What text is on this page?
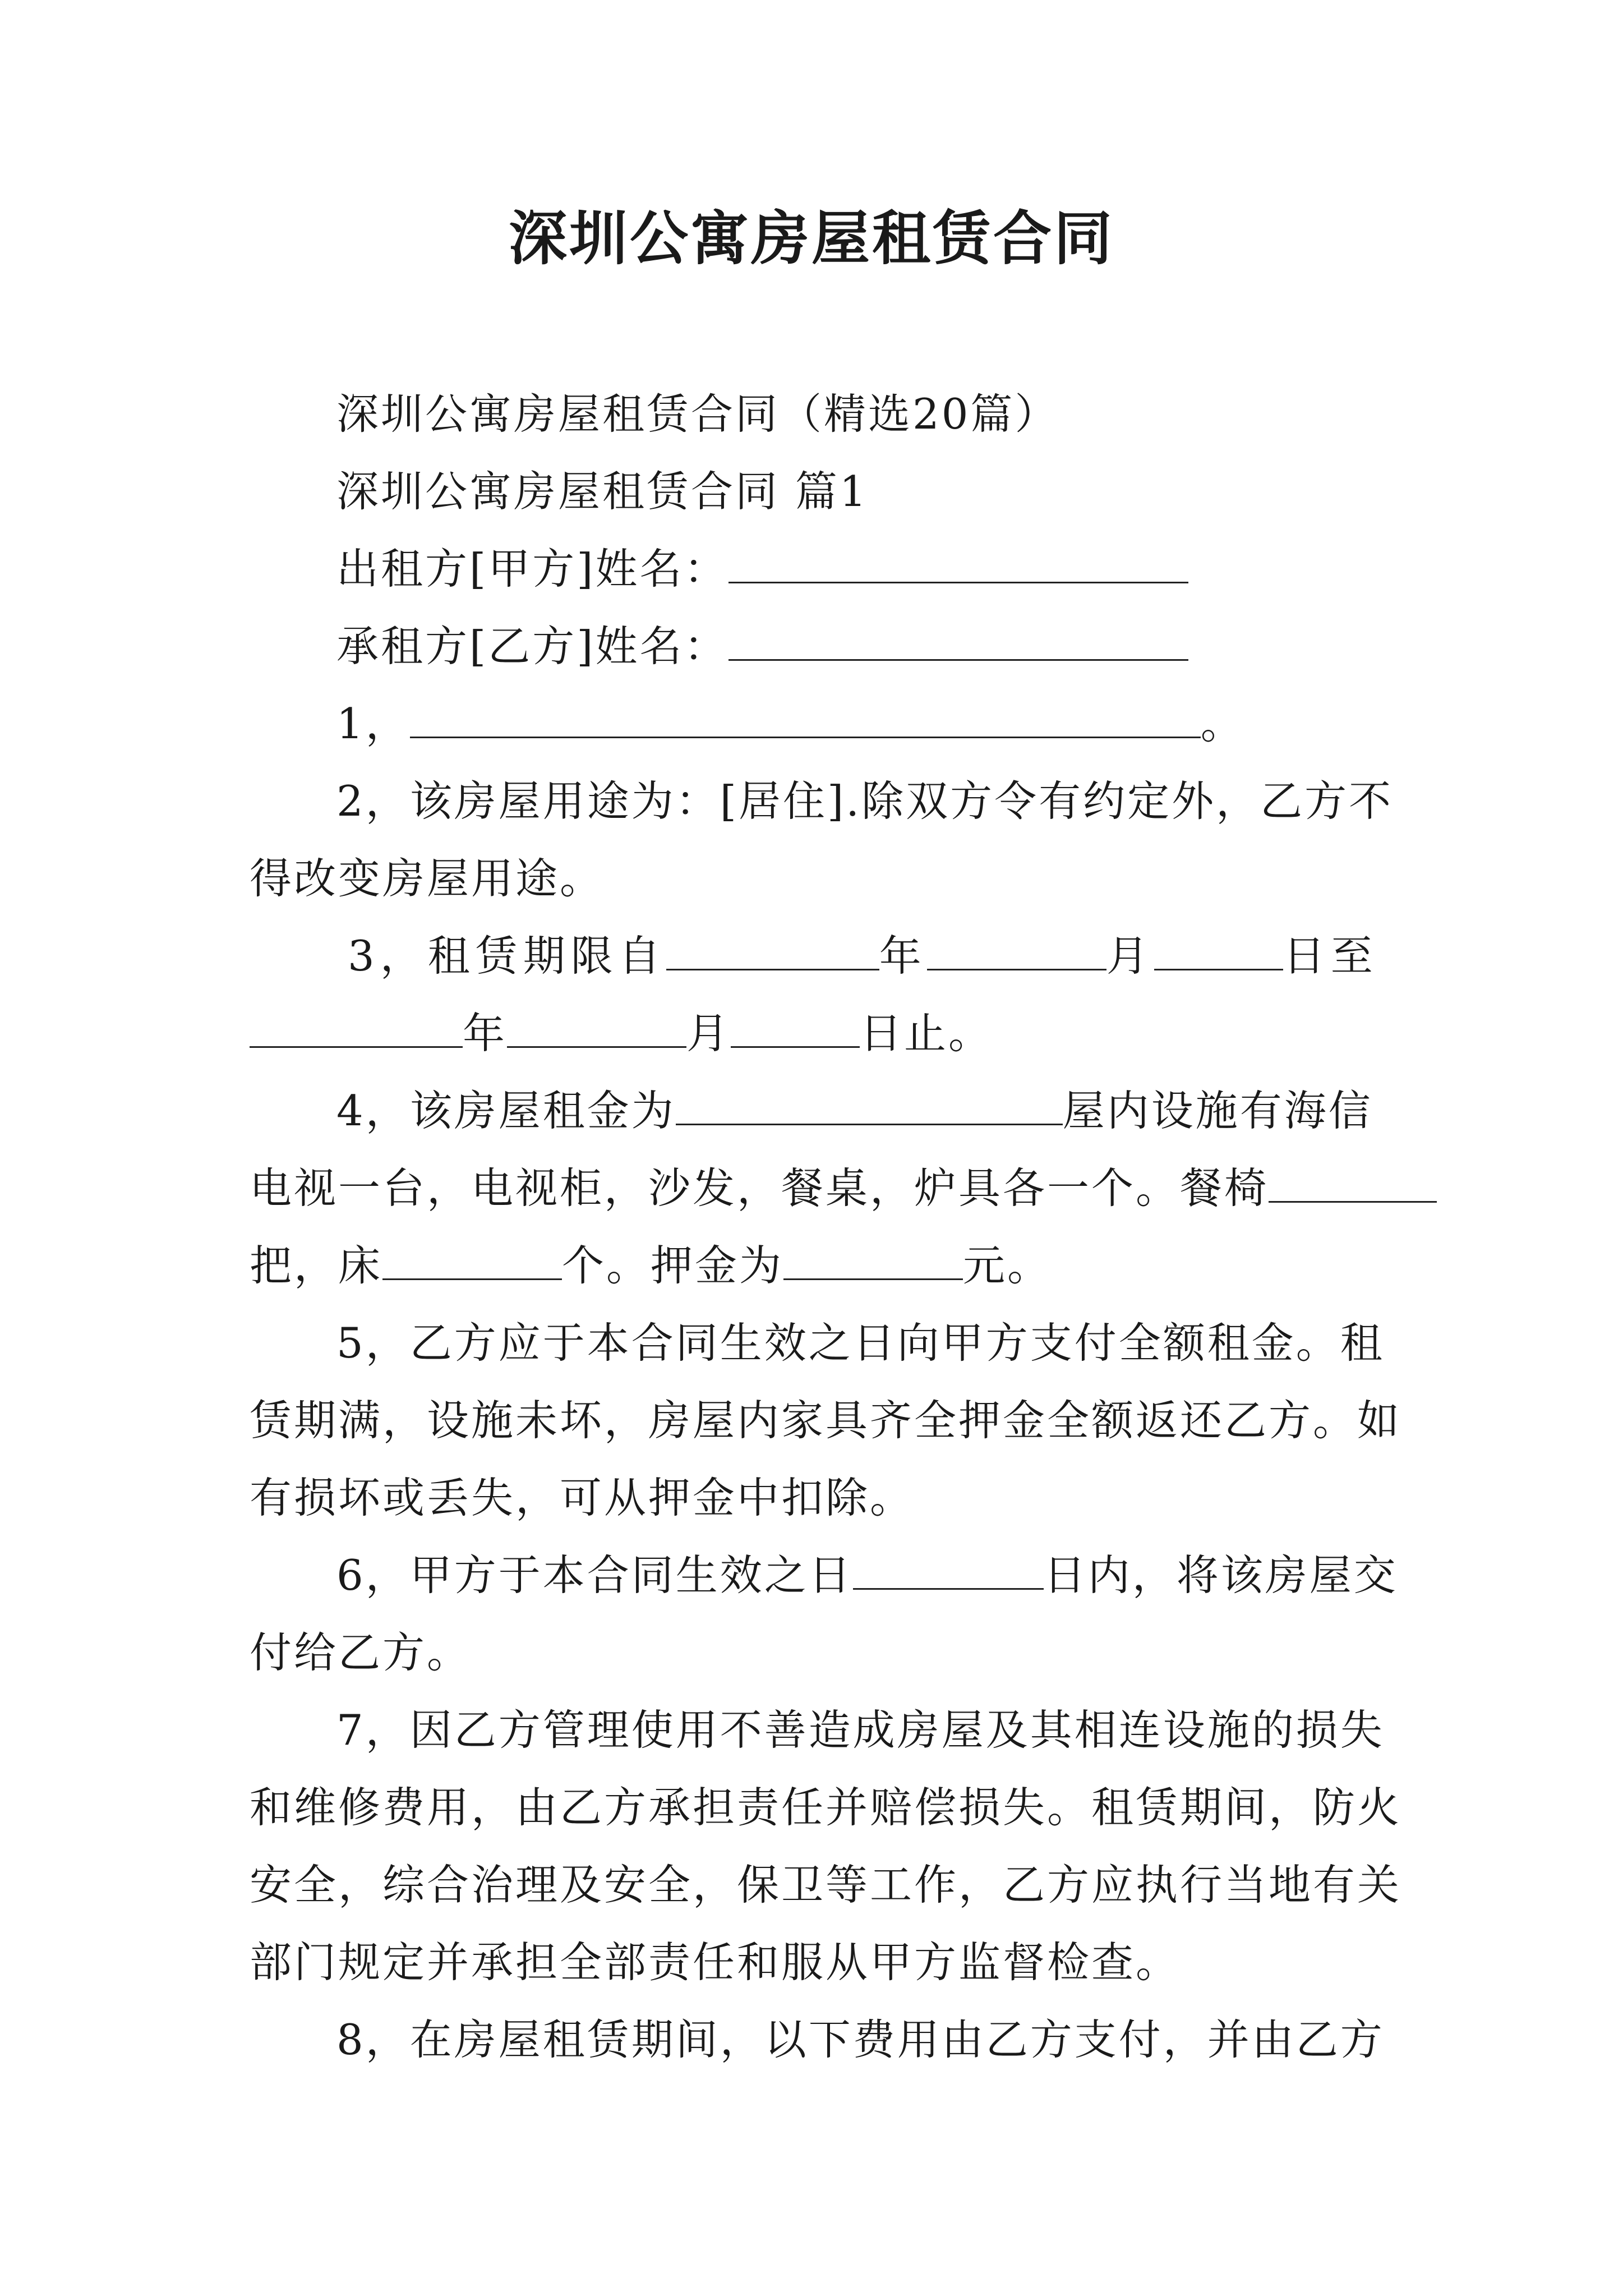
深圳公寓房屋租赁合同
深圳公寓房屋租赁合同（精选20篇）
深圳公寓房屋租赁合同 篇1
出租方[甲方]姓名：
承租方[乙方]姓名：
1，	。
2，该房屋用途为：[居住].除双方令有约定外，乙方不
得改变房屋用途。
3，租赁期限自	年	月	日至
年	月	日止。
4，该房屋租金为	屋内设施有海信
电视一台，电视柜，沙发，餐桌，炉具各一个。餐椅
把，床	个。押金为	元。
5，乙方应于本合同生效之日向甲方支付全额租金。租
赁期满，设施未坏，房屋内家具齐全押金全额返还乙方。如
有损坏或丢失，可从押金中扣除。
6，甲方于本合同生效之日	日内，将该房屋交
付给乙方。
7，因乙方管理使用不善造成房屋及其相连设施的损失
和维修费用，由乙方承担责任并赔偿损失。租赁期间，防火
安全，综合治理及安全，保卫等工作，乙方应执行当地有关
部门规定并承担全部责任和服从甲方监督检查。
8，在房屋租赁期间，以下费用由乙方支付，并由乙方
